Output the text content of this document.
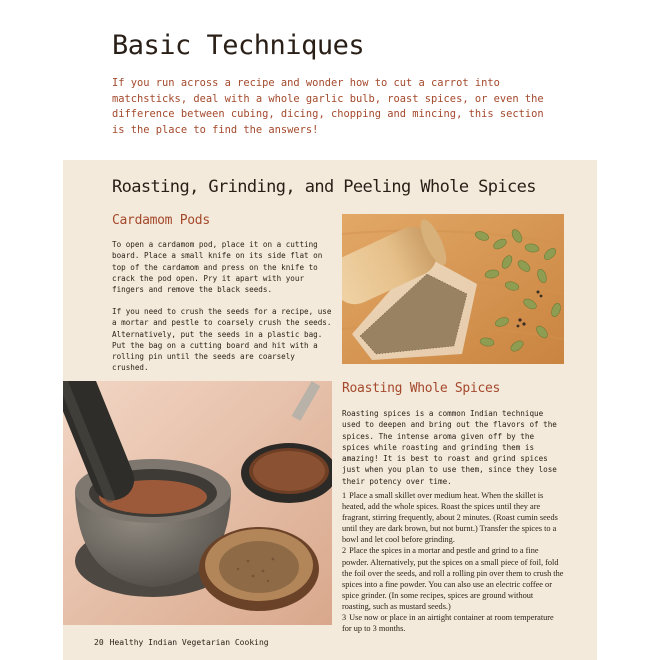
Basic Techniques
If you run across a recipe and wonder how to cut a carrot into matchsticks, deal with a whole garlic bulb, roast spices, or even the difference between cubing, dicing, chopping and mincing, this section is the place to find the answers!
Roasting, Grinding, and Peeling Whole Spices
Cardamom Pods
To open a cardamom pod, place it on a cutting board. Place a small knife on its side flat on top of the cardamom and press on the knife to crack the pod open. Pry it apart with your fingers and remove the black seeds.
If you need to crush the seeds for a recipe, use a mortar and pestle to coarsely crush the seeds. Alternatively, put the seeds in a plastic bag. Put the bag on a cutting board and hit with a rolling pin until the seeds are coarsely crushed.
Roasting Whole Spices
Roasting spices is a common Indian technique used to deepen and bring out the flavors of the spices. The intense aroma given off by the spices while roasting and grinding them is amazing! It is best to roast and grind spices just when you plan to use them, since they lose their potency over time.

1 Place a small skillet over medium heat. When the skillet is heated, add the whole spices. Roast the spices until they are fragrant, stirring frequently, about 2 minutes. (Roast cumin seeds until they are dark brown, but not burnt.) Transfer the spices to a bowl and let cool before grinding.

2 Place the spices in a mortar and pestle and grind to a fine powder. Alternatively, put the spices on a small piece of foil, fold the foil over the seeds, and roll a rolling pin over them to crush the spices into a fine powder. You can also use an electric coffee or spice grinder. (In some recipes, spices are ground without roasting, such as mustard seeds.)

3 Use now or place in an airtight container at room temperature for up to 3 months.

20 Healthy Indian Vegetarian Cooking
